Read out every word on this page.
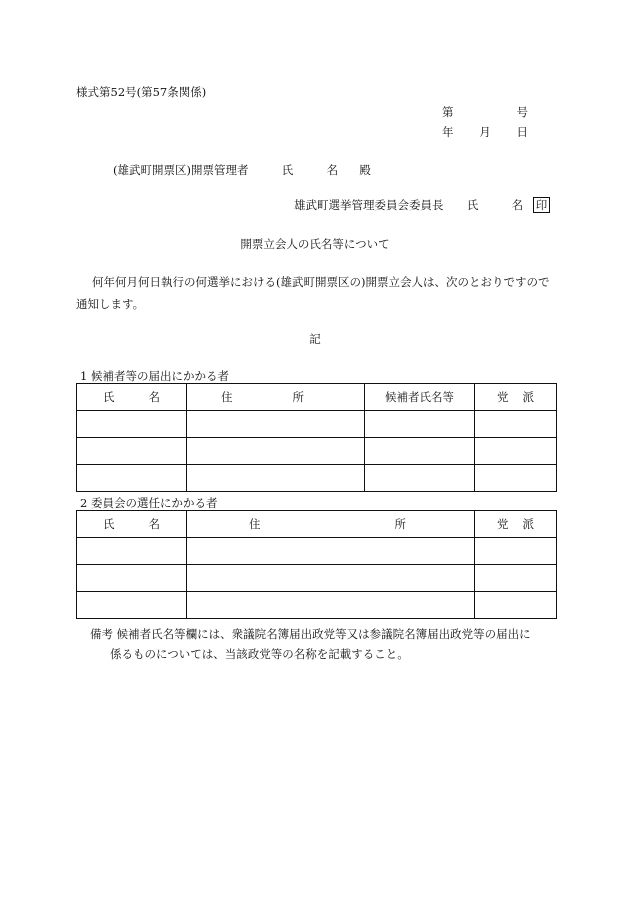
様式第52号(第57条関係)
第	号
年 月 日
(雄武町開票区)開票管理者	氏	名 殿
雄武町選挙管理委員会委員長 氏	名 印
開票立会人の氏名等について
何年何月何日執行の何選挙における(雄武町開票区の)開票立会人は、次のとおりですので通知します。
記
1 候補者等の届出にかかる者
氏 名	住 所	候補者氏名等	党 派

2 委員会の選任にかかる者
氏 名	住 所	党 派

備考 候補者氏名等欄には、衆議院名簿届出政党等又は参議院名簿届出政党等の届出に
係るものについては、当該政党等の名称を記載すること。
